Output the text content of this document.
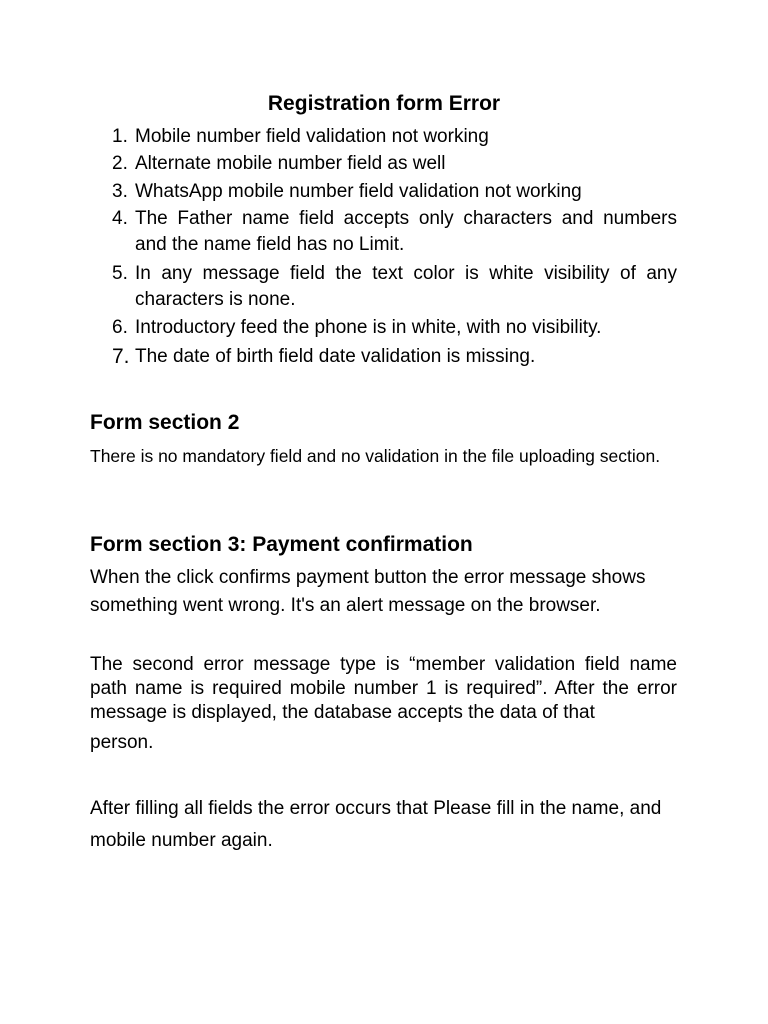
Registration form Error
1. Mobile number field validation not working
2. Alternate mobile number field as well
3. WhatsApp mobile number field validation not working
4. The Father name field accepts only characters and numbers and the name field has no Limit.
5. In any message field the text color is white visibility of any characters is none.
6. Introductory feed the phone is in white, with no visibility.
7. The date of birth field date validation is missing.
Form section 2

There is no mandatory field and no validation in the file uploading section.

Form section 3: Payment confirmation

When the click confirms payment button the error message shows something went wrong. It's an alert message on the browser.

The second error message type is “member validation field name path name is required mobile number 1 is required”. After the error message is displayed, the database accepts the data of that
person.

After filling all fields the error occurs that Please fill in the name, and mobile number again.
